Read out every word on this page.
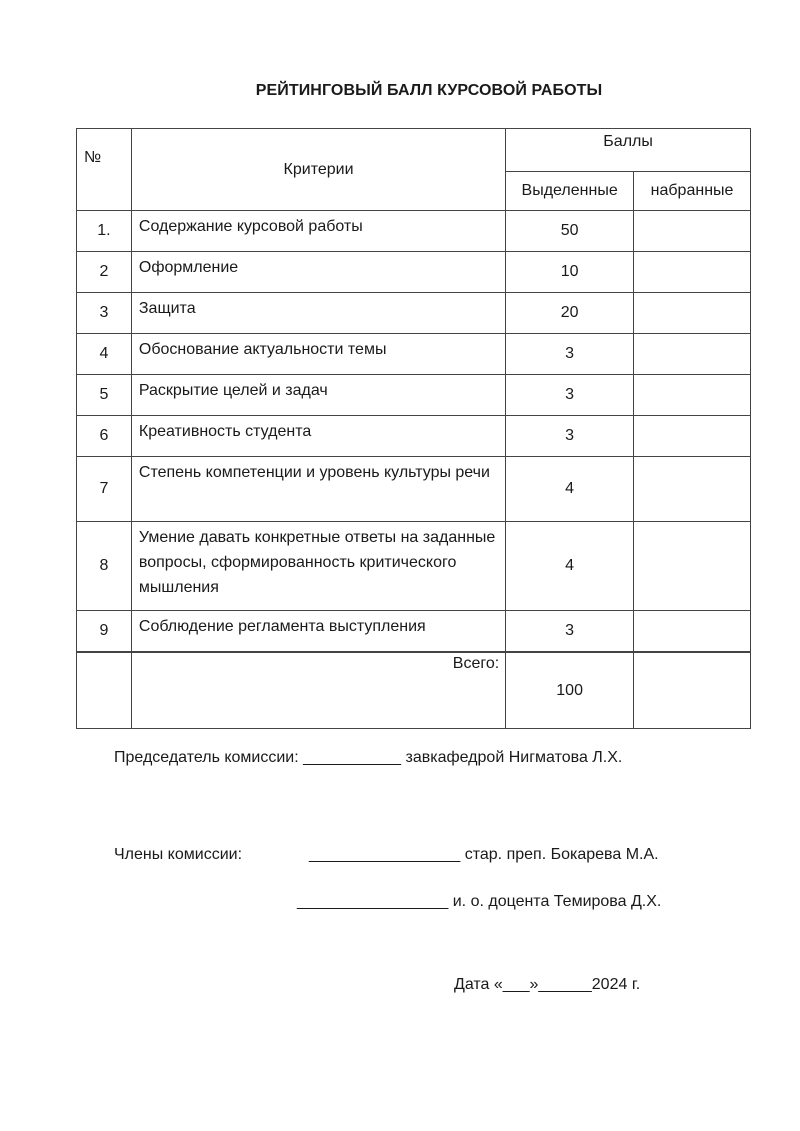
РЕЙТИНГОВЫЙ БАЛЛ КУРСОВОЙ РАБОТЫ
№	Критерии	Баллы	
		Выделенные	набранные
1.	Содержание курсовой работы	50	
2	Оформление	10	
3	Защита	20	
4	Обоснование актуальности темы	3	
5	Раскрытие целей и задач	3	
6	Креативность студента	3	
7	Степень компетенции и уровень культуры речи	4	
8	Умение давать конкретные ответы на заданные вопросы, сформированность критического мышления	4	
9	Соблюдение регламента выступления	3	
	Всего:	100	
Председатель комиссии: ___________ завкафедрой Нигматова Л.Х.
Члены комиссии:	_________________ стар. преп. Бокарева М.А.
_________________ и. о. доцента Темирова Д.Х.
Дата «___»______2024 г.
